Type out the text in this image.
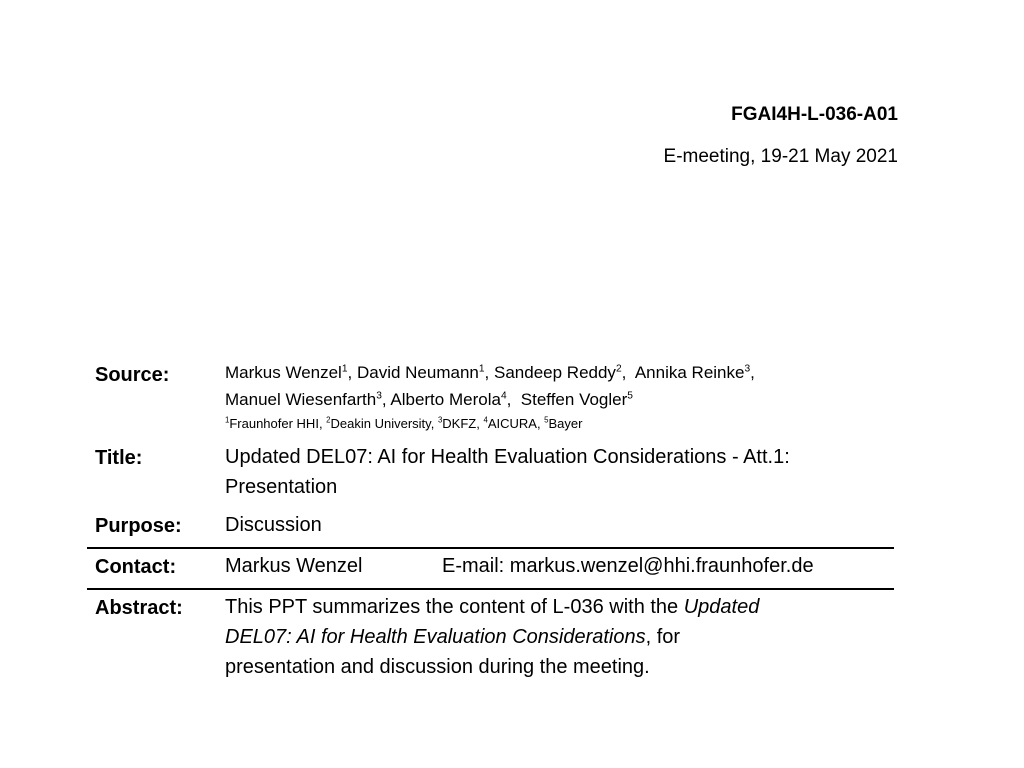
FGAI4H-L-036-A01
E-meeting, 19-21 May 2021
Source:	Markus Wenzel$^1$, David Neumann$^1$, Sandeep Reddy$^2$,  Annika Reinke$^3$,
Manuel Wiesenfarth$^3$, Alberto Merola$^4$,  Steffen Vogler$^5$
$^1$Fraunhofer HHI, $^2$Deakin University, $^3$DKFZ, $^4$AICURA, $^5$Bayer
Title:	Updated DEL07: AI for Health Evaluation Considerations - Att.1:
Presentation
Purpose: Discussion
Contact: Markus Wenzel	E-mail: markus.wenzel@hhi.fraunhofer.de
Abstract: This PPT summarizes the content of L-036 with the Updated
DEL07: AI for Health Evaluation Considerations, for
presentation and discussion during the meeting.
